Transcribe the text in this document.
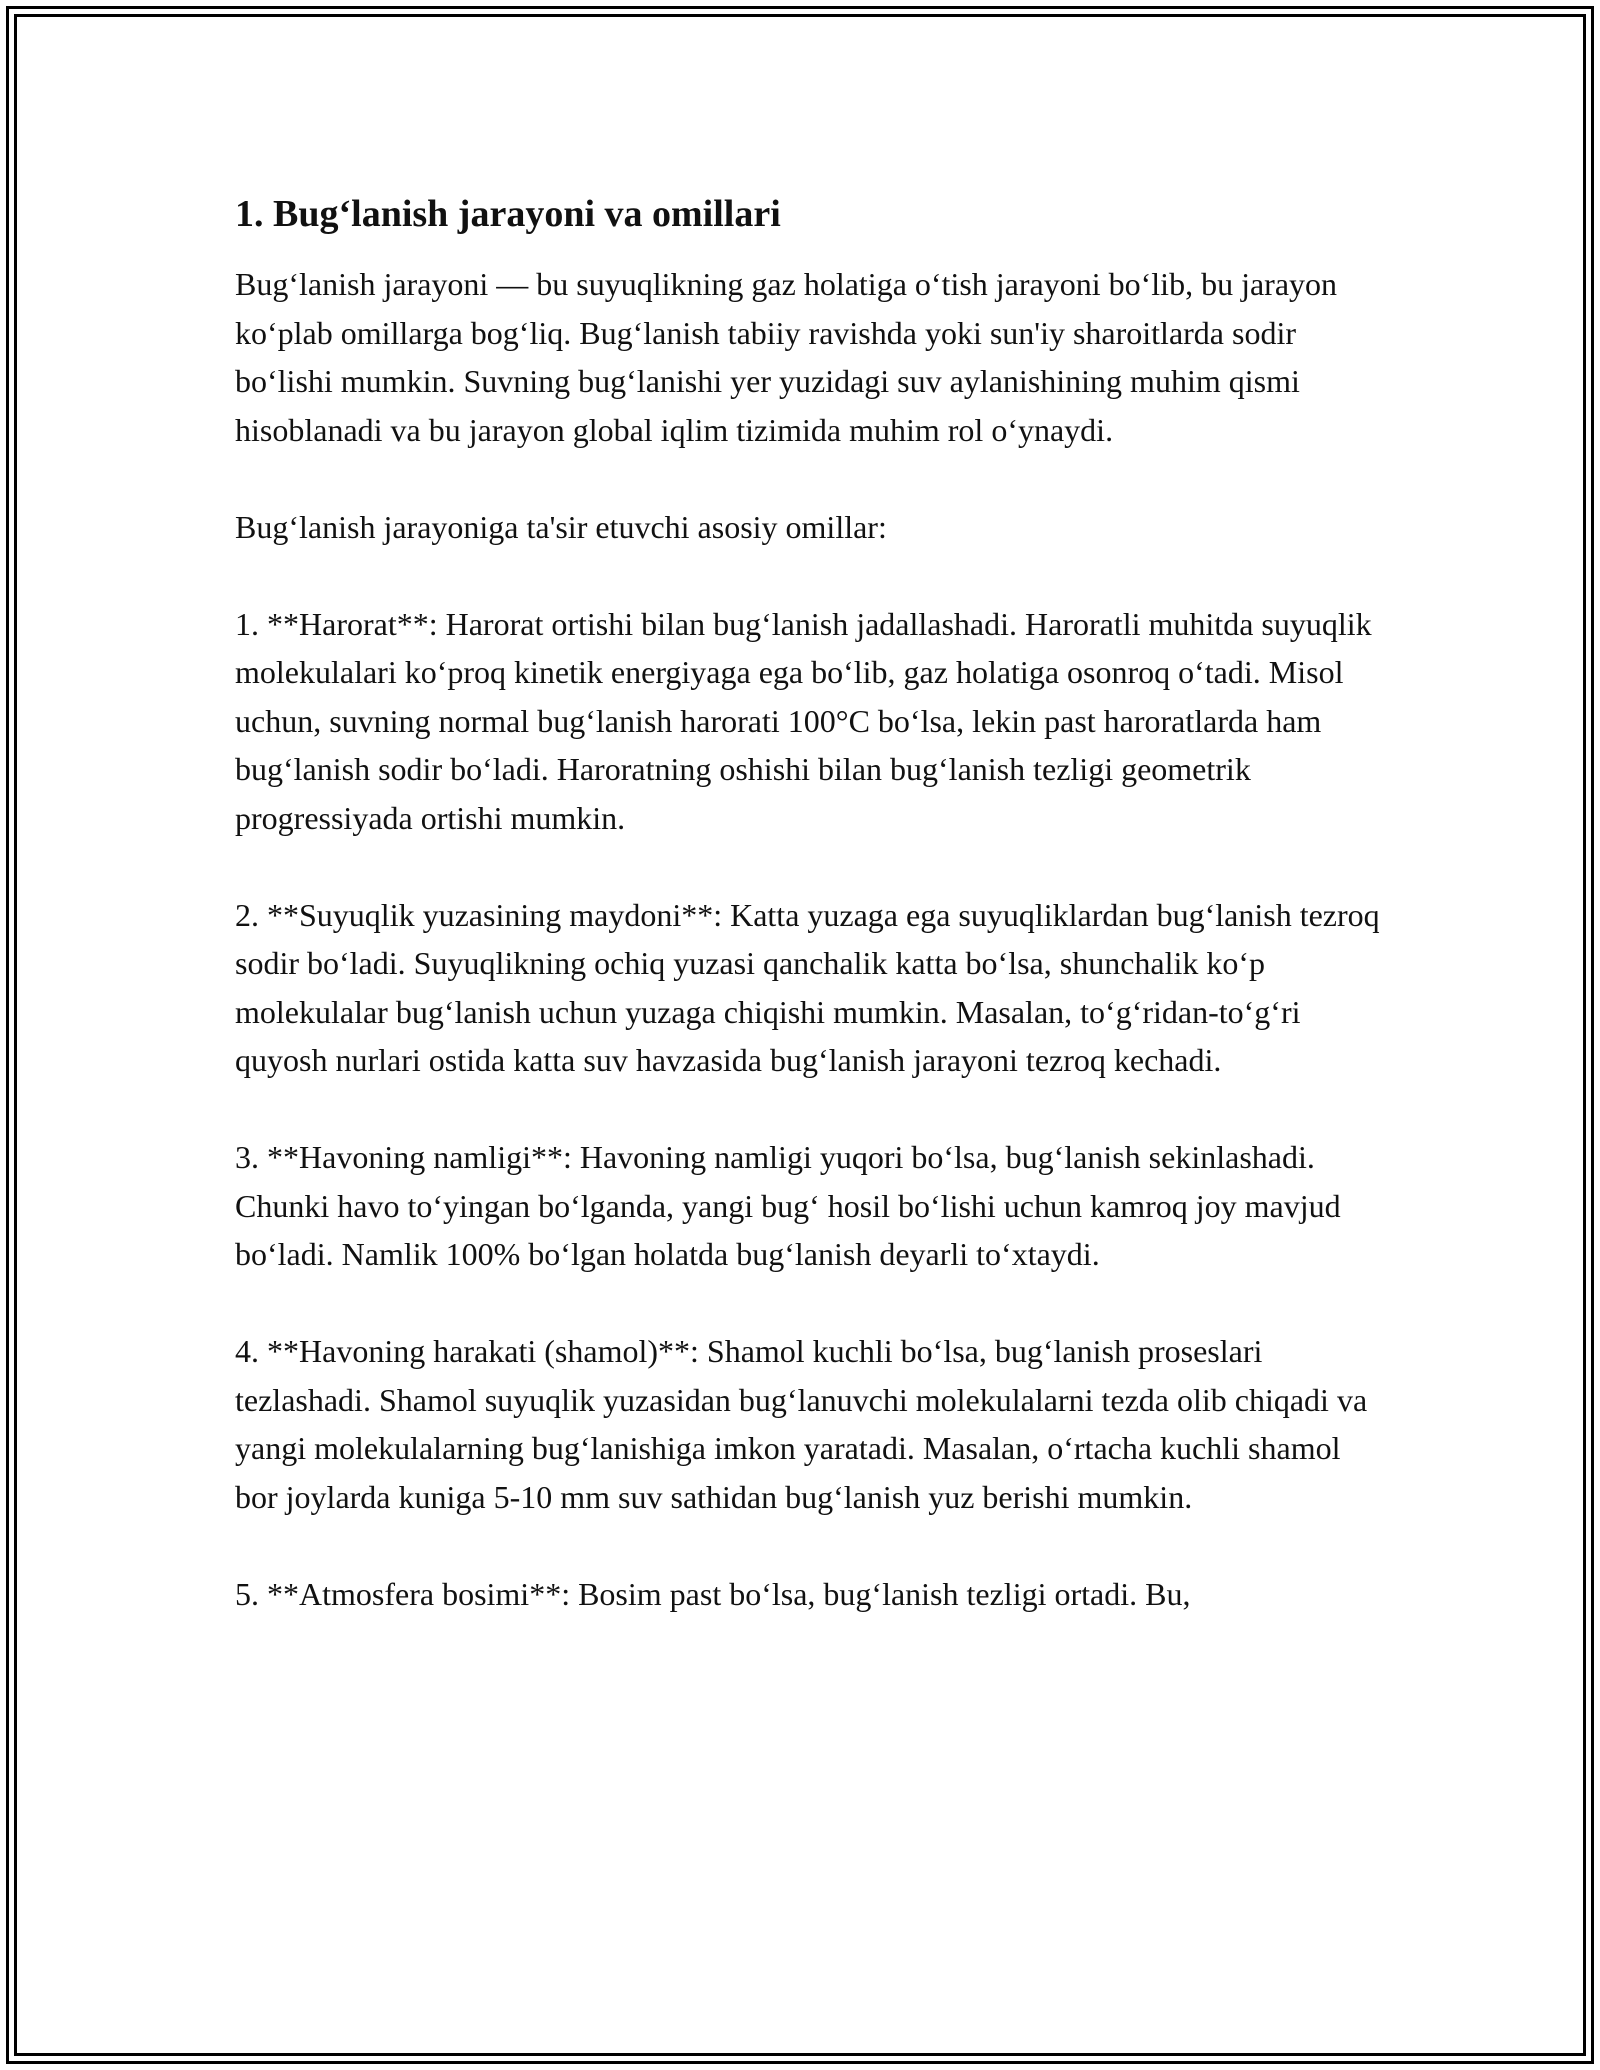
1. Bug‘lanish jarayoni va omillari

Bug‘lanish jarayoni — bu suyuqlikning gaz holatiga o‘tish jarayoni bo‘lib, bu jarayon ko‘plab omillarga bog‘liq. Bug‘lanish tabiiy ravishda yoki sun'iy sharoitlarda sodir bo‘lishi mumkin. Suvning bug‘lanishi yer yuzidagi suv aylanishining muhim qismi hisoblanadi va bu jarayon global iqlim tizimida muhim rol o‘ynaydi.

Bug‘lanish jarayoniga ta'sir etuvchi asosiy omillar:

1. **Harorat**: Harorat ortishi bilan bug‘lanish jadallashadi. Haroratli muhitda suyuqlik molekulalari ko‘proq kinetik energiyaga ega bo‘lib, gaz holatiga osonroq o‘tadi. Misol uchun, suvning normal bug‘lanish harorati 100°C bo‘lsa, lekin past haroratlarda ham bug‘lanish sodir bo‘ladi. Haroratning oshishi bilan bug‘lanish tezligi geometrik progressiyada ortishi mumkin.

2. **Suyuqlik yuzasining maydoni**: Katta yuzaga ega suyuqliklardan bug‘lanish tezroq sodir bo‘ladi. Suyuqlikning ochiq yuzasi qanchalik katta bo‘lsa, shunchalik ko‘p molekulalar bug‘lanish uchun yuzaga chiqishi mumkin. Masalan, to‘g‘ridan-to‘g‘ri quyosh nurlari ostida katta suv havzasida bug‘lanish jarayoni tezroq kechadi.

3. **Havoning namligi**: Havoning namligi yuqori bo‘lsa, bug‘lanish sekinlashadi. Chunki havo to‘yingan bo‘lganda, yangi bug‘ hosil bo‘lishi uchun kamroq joy mavjud bo‘ladi. Namlik 100% bo‘lgan holatda bug‘lanish deyarli to‘xtaydi.

4. **Havoning harakati (shamol)**: Shamol kuchli bo‘lsa, bug‘lanish proseslari tezlashadi. Shamol suyuqlik yuzasidan bug‘lanuvchi molekulalarni tezda olib chiqadi va yangi molekulalarning bug‘lanishiga imkon yaratadi. Masalan, o‘rtacha kuchli shamol bor joylarda kuniga 5-10 mm suv sathidan bug‘lanish yuz berishi mumkin.

5. **Atmosfera bosimi**: Bosim past bo‘lsa, bug‘lanish tezligi ortadi. Bu,
